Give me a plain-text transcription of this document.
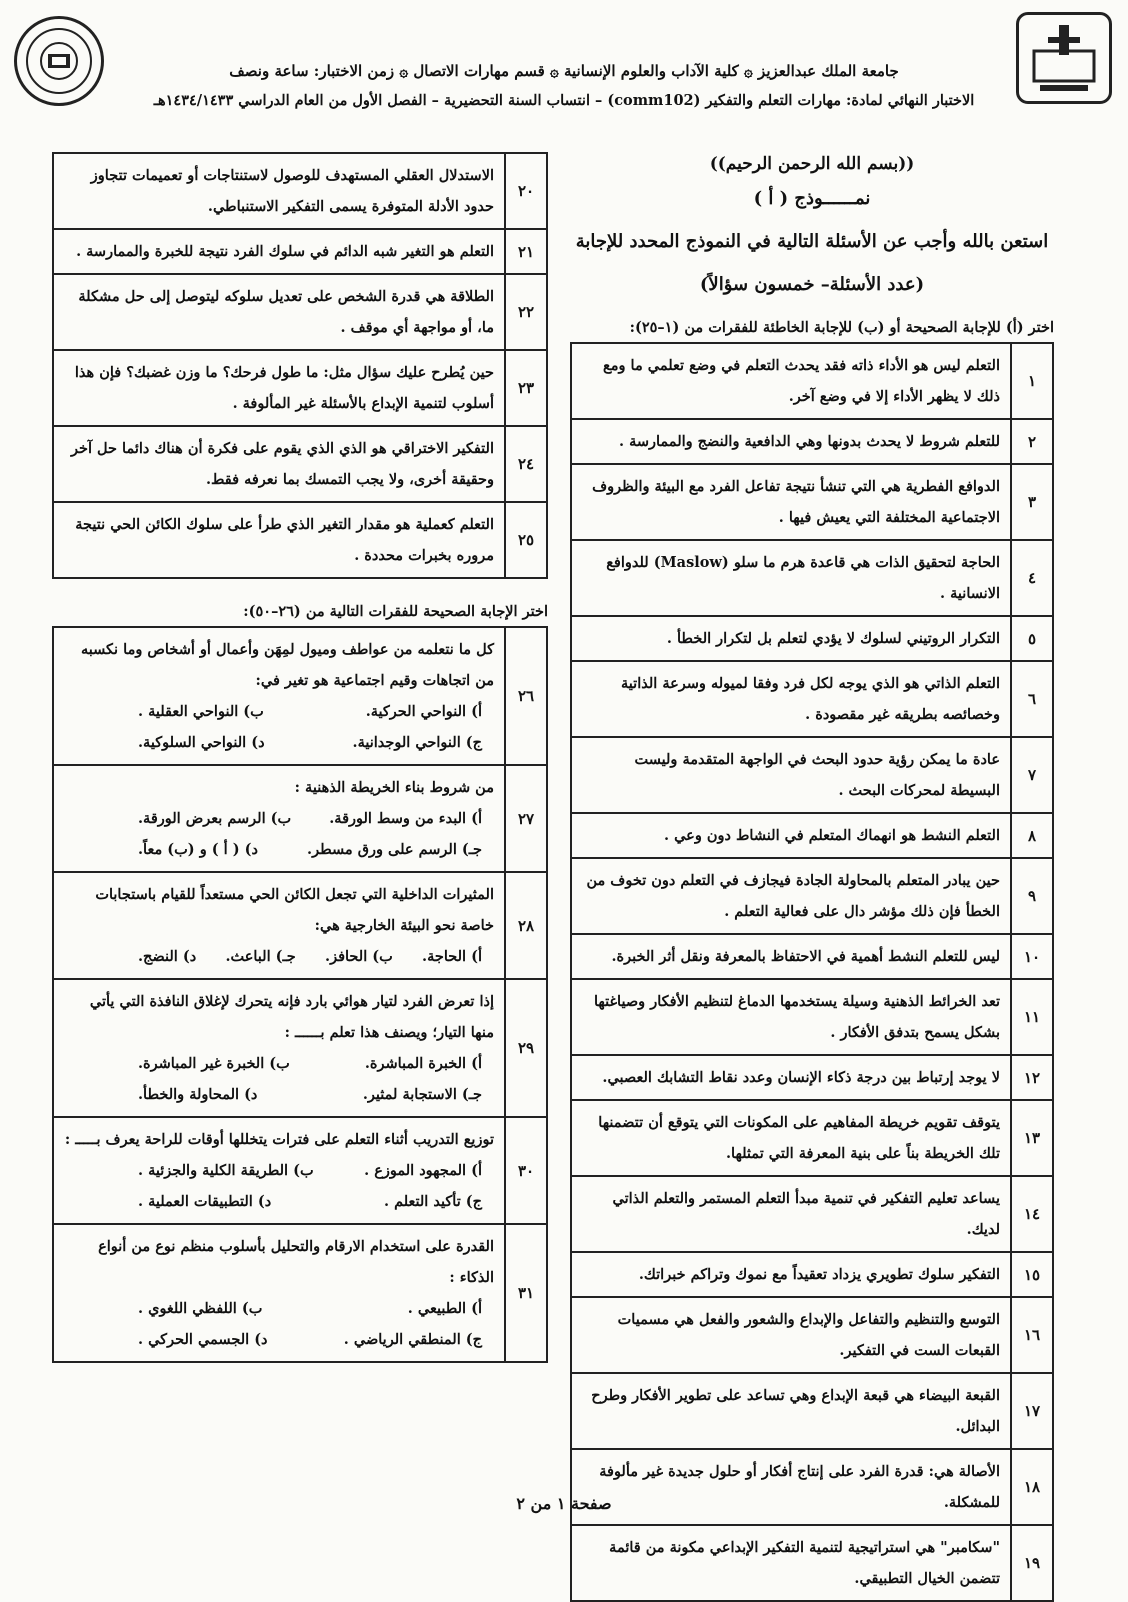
جامعة الملك عبدالعزيز ۞ كلية الآداب والعلوم الإنسانية ۞ قسم مهارات الاتصال ۞ زمن الاختبار: ساعة ونصف
الاختبار النهائي لمادة: مهارات التعلم والتفكير (comm102) – انتساب السنة التحضيرية – الفصل الأول من العام الدراسي ١٤٣٤/١٤٣٣هـ
((بسم الله الرحمن الرحيم))
نمــــــوذج ( أ )
استعن بالله وأجب عن الأسئلة التالية في النموذج المحدد للإجابة
(عدد الأسئلة– خمسون سؤالاً)
اختر (أ) للإجابة الصحيحة أو (ب) للإجابة الخاطئة للفقرات من (١–٢٥):
١	التعلم ليس هو الأداء ذاته فقد يحدث التعلم في وضع تعلمي ما ومع ذلك لا يظهر الأداء إلا في وضع آخر.
٢	للتعلم شروط لا يحدث بدونها وهي الدافعية والنضج والممارسة .
٣	الدوافع الفطرية هي التي تنشأ نتيجة تفاعل الفرد مع البيئة والظروف الاجتماعية المختلفة التي يعيش فيها .
٤	الحاجة لتحقيق الذات هي قاعدة هرم ما سلو (Maslow) للدوافع الانسانية .
٥	التكرار الروتيني لسلوك لا يؤدي لتعلم بل لتكرار الخطأ .
٦	التعلم الذاتي هو الذي يوجه لكل فرد وفقا لميوله وسرعة الذاتية وخصائصه بطريقه غير مقصودة .
٧	عادة ما يمكن رؤية حدود البحث في الواجهة المتقدمة وليست البسيطة لمحركات البحث .
٨	التعلم النشط هو انهماك المتعلم في النشاط دون وعي .
٩	حين يبادر المتعلم بالمحاولة الجادة فيجازف في التعلم دون تخوف من الخطأ فإن ذلك مؤشر دال على فعالية التعلم .
١٠	ليس للتعلم النشط أهمية في الاحتفاظ بالمعرفة ونقل أثر الخبرة.
١١	تعد الخرائط الذهنية وسيلة يستخدمها الدماغ لتنظيم الأفكار وصياغتها بشكل يسمح بتدفق الأفكار .
١٢	لا يوجد إرتباط بين درجة ذكاء الإنسان وعدد نقاط التشابك العصبي.
١٣	يتوقف تقويم خريطة المفاهيم على المكونات التي يتوقع أن تتضمنها تلك الخريطة بناً على بنية المعرفة التي تمثلها.
١٤	يساعد تعليم التفكير في تنمية مبدأ التعلم المستمر والتعلم الذاتي لديك.
١٥	التفكير سلوك تطويري يزداد تعقيداً مع نموك وتراكم خبراتك.
١٦	التوسع والتنظيم والتفاعل والإبداع والشعور والفعل هي مسميات القبعات الست في التفكير.
١٧	القبعة البيضاء هي قبعة الإبداع وهي تساعد على تطوير الأفكار وطرح البدائل.
١٨	الأصالة هي: قدرة الفرد على إنتاج أفكار أو حلول جديدة غير مألوفة للمشكلة.
١٩	"سكامبر" هي استراتيجية لتنمية التفكير الإبداعي مكونة من قائمة تتضمن الخيال التطبيقي.
٢٠	الاستدلال العقلي المستهدف للوصول لاستنتاجات أو تعميمات تتجاوز حدود الأدلة المتوفرة يسمى التفكير الاستنباطي.
٢١	التعلم هو التغير شبه الدائم في سلوك الفرد نتيجة للخبرة والممارسة .
٢٢	الطلاقة هي قدرة الشخص على تعديل سلوكه ليتوصل إلى حل مشكلة ما، أو مواجهة أي موقف .
٢٣	حين يُطرح عليك سؤال مثل: ما طول فرحك؟ ما وزن غضبك؟ فإن هذا أسلوب لتنمية الإبداع بالأسئلة غير المألوفة .
٢٤	التفكير الاختراقي هو الذي الذي يقوم على فكرة أن هناك دائما حل آخر وحقيقة أخرى، ولا يجب التمسك بما نعرفه فقط.
٢٥	التعلم كعملية هو مقدار التغير الذي طرأ على سلوك الكائن الحي نتيجة مروره بخبرات محددة .
اختر الإجابة الصحيحة للفقرات التالية من (٢٦–٥٠):
٢٦	كل ما نتعلمه من عواطف وميول لمِهَن وأعمال أو أشخاص وما نكسبه من اتجاهات وقيم اجتماعية هو تغير في:
أ) النواحي الحركية.
ب) النواحي العقلية .
ج) النواحي الوجدانية.
د) النواحي السلوكية.

٢٧	من شروط بناء الخريطة الذهنية :
أ) البدء من وسط الورقة.
ب) الرسم بعرض الورقة.
جـ) الرسم على ورق مسطر.
د) ( أ ) و (ب) معاً.

٢٨	المثيرات الداخلية التي تجعل الكائن الحي مستعداً للقيام باستجابات خاصة نحو البيئة الخارجية هي:
أ) الحاجة.
ب) الحافز.
جـ) الباعث.
د) النضج.

٢٩	إذا تعرض الفرد لتيار هوائي بارد فإنه يتحرك لإغلاق النافذة التي يأتي منها التيار؛ ويصنف هذا تعلم بــــــ :
أ) الخبرة المباشرة.
ب) الخبرة غير المباشرة.
جـ) الاستجابة لمثير.
د) المحاولة والخطأ.

٣٠	توزيع التدريب أثناء التعلم على فترات يتخللها أوقات للراحة يعرف بـــــ :
أ) المجهود الموزع .
ب) الطريقة الكلية والجزئية .
ج) تأكيد التعلم .
د) التطبيقات العملية .

٣١	القدرة على استخدام الارقام والتحليل بأسلوب منظم نوع من أنواع الذكاء :
أ) الطبيعي .
ب) اللفظي اللغوي .
ج) المنطقي الرياضي .
د) الجسمي الحركي .
صفحة ١ من ٢
